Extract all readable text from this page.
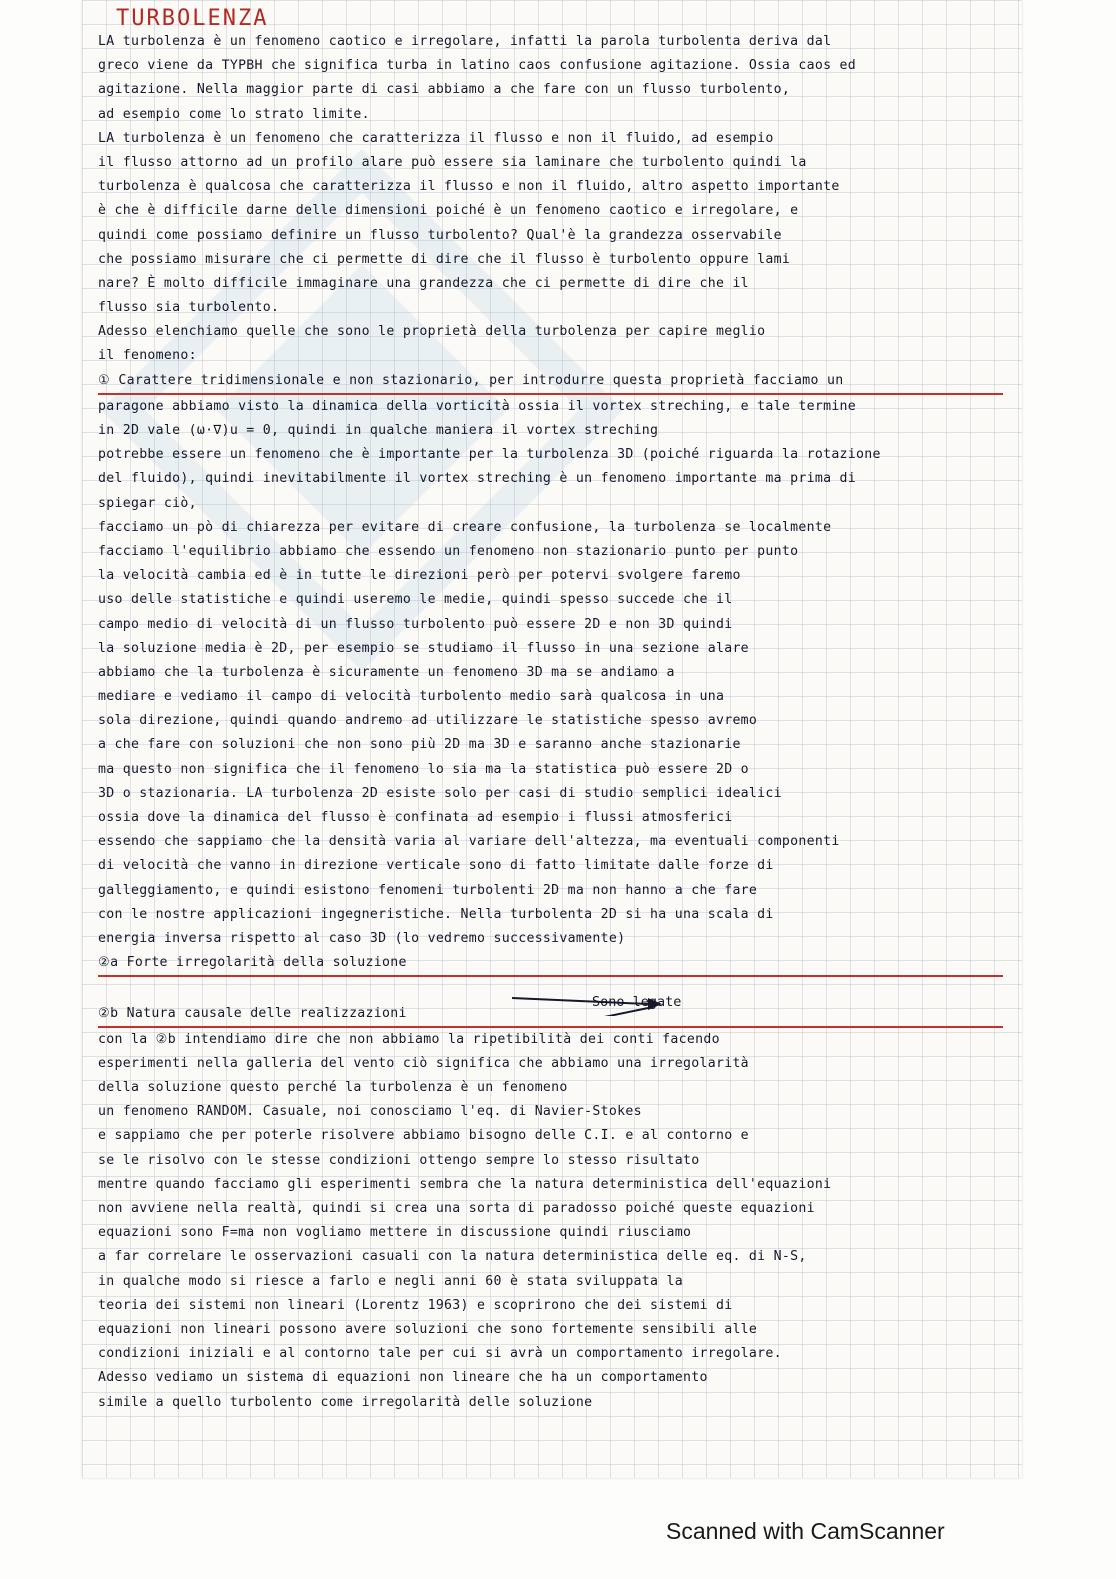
TURBOLENZA
LA turbolenza è un fenomeno caotico e irregolare, infatti la parola turbolenta deriva dal
greco viene da ΤΥΡΒΗ che significa turba in latino caos confusione agitazione. Ossia caos ed
agitazione. Nella maggior parte di casi abbiamo a che fare con un flusso turbolento,
ad esempio come lo strato limite.
LA turbolenza è un fenomeno che caratterizza il flusso e non il fluido, ad esempio
il flusso attorno ad un profilo alare può essere sia laminare che turbolento quindi la
turbolenza è qualcosa che caratterizza il flusso e non il fluido, altro aspetto importante
è che è difficile darne delle dimensioni poiché è un fenomeno caotico e irregolare, e
quindi come possiamo definire un flusso turbolento? Qual'è la grandezza osservabile
che possiamo misurare che ci permette di dire che il flusso è turbolento oppure lami
nare? È molto difficile immaginare una grandezza che ci permette di dire che il
flusso sia turbolento.
Adesso elenchiamo quelle che sono le proprietà della turbolenza per capire meglio
il fenomeno:
① Carattere tridimensionale e non stazionario, per introdurre questa proprietà facciamo un
paragone abbiamo visto la dinamica della vorticità ossia il vortex streching, e tale termine
in 2D vale (ω·∇)u = 0, quindi in qualche maniera il vortex streching
potrebbe essere un fenomeno che è importante per la turbolenza 3D (poiché riguarda la rotazione
del fluido), quindi inevitabilmente il vortex streching è un fenomeno importante ma prima di
spiegar ciò,
facciamo un pò di chiarezza per evitare di creare confusione, la turbolenza se localmente
facciamo l'equilibrio abbiamo che essendo un fenomeno non stazionario punto per punto
la velocità cambia ed è in tutte le direzioni però per potervi svolgere faremo
uso delle statistiche e quindi useremo le medie, quindi spesso succede che il
campo medio di velocità di un flusso turbolento può essere 2D e non 3D quindi
la soluzione media è 2D, per esempio se studiamo il flusso in una sezione alare
abbiamo che la turbolenza è sicuramente un fenomeno 3D ma se andiamo a
mediare e vediamo il campo di velocità turbolento medio sarà qualcosa in una
sola direzione, quindi quando andremo ad utilizzare le statistiche spesso avremo
a che fare con soluzioni che non sono più 2D ma 3D e saranno anche stazionarie
ma questo non significa che il fenomeno lo sia ma la statistica può essere 2D o
3D o stazionaria. LA turbolenza 2D esiste solo per casi di studio semplici idealici
ossia dove la dinamica del flusso è confinata ad esempio i flussi atmosferici
essendo che sappiamo che la densità varia al variare dell'altezza, ma eventuali componenti
di velocità che vanno in direzione verticale sono di fatto limitate dalle forze di
galleggiamento, e quindi esistono fenomeni turbolenti 2D ma non hanno a che fare
con le nostre applicazioni ingegneristiche. Nella turbolenta 2D si ha una scala di
energia inversa rispetto al caso 3D (lo vedremo successivamente)
②a Forte irregolarità della soluzione
②b Natura causale delle realizzazioni
con la ②b intendiamo dire che non abbiamo la ripetibilità dei conti facendo
esperimenti nella galleria del vento ciò significa che abbiamo una irregolarità
della soluzione questo perché la turbolenza è un fenomeno
un fenomeno RANDOM. Casuale, noi conosciamo l'eq. di Navier-Stokes
e sappiamo che per poterle risolvere abbiamo bisogno delle C.I. e al contorno e
se le risolvo con le stesse condizioni ottengo sempre lo stesso risultato
mentre quando facciamo gli esperimenti sembra che la natura deterministica dell'equazioni
non avviene nella realtà, quindi si crea una sorta di paradosso poiché queste equazioni
equazioni sono F=ma non vogliamo mettere in discussione quindi riusciamo
a far correlare le osservazioni casuali con la natura deterministica delle eq. di N-S,
in qualche modo si riesce a farlo e negli anni 60 è stata sviluppata la
teoria dei sistemi non lineari (Lorentz 1963) e scoprirono che dei sistemi di
equazioni non lineari possono avere soluzioni che sono fortemente sensibili alle
condizioni iniziali e al contorno tale per cui si avrà un comportamento irregolare.
Adesso vediamo un sistema di equazioni non lineare che ha un comportamento
simile a quello turbolento come irregolarità delle soluzione
Sono legate
Scanned with CamScanner
